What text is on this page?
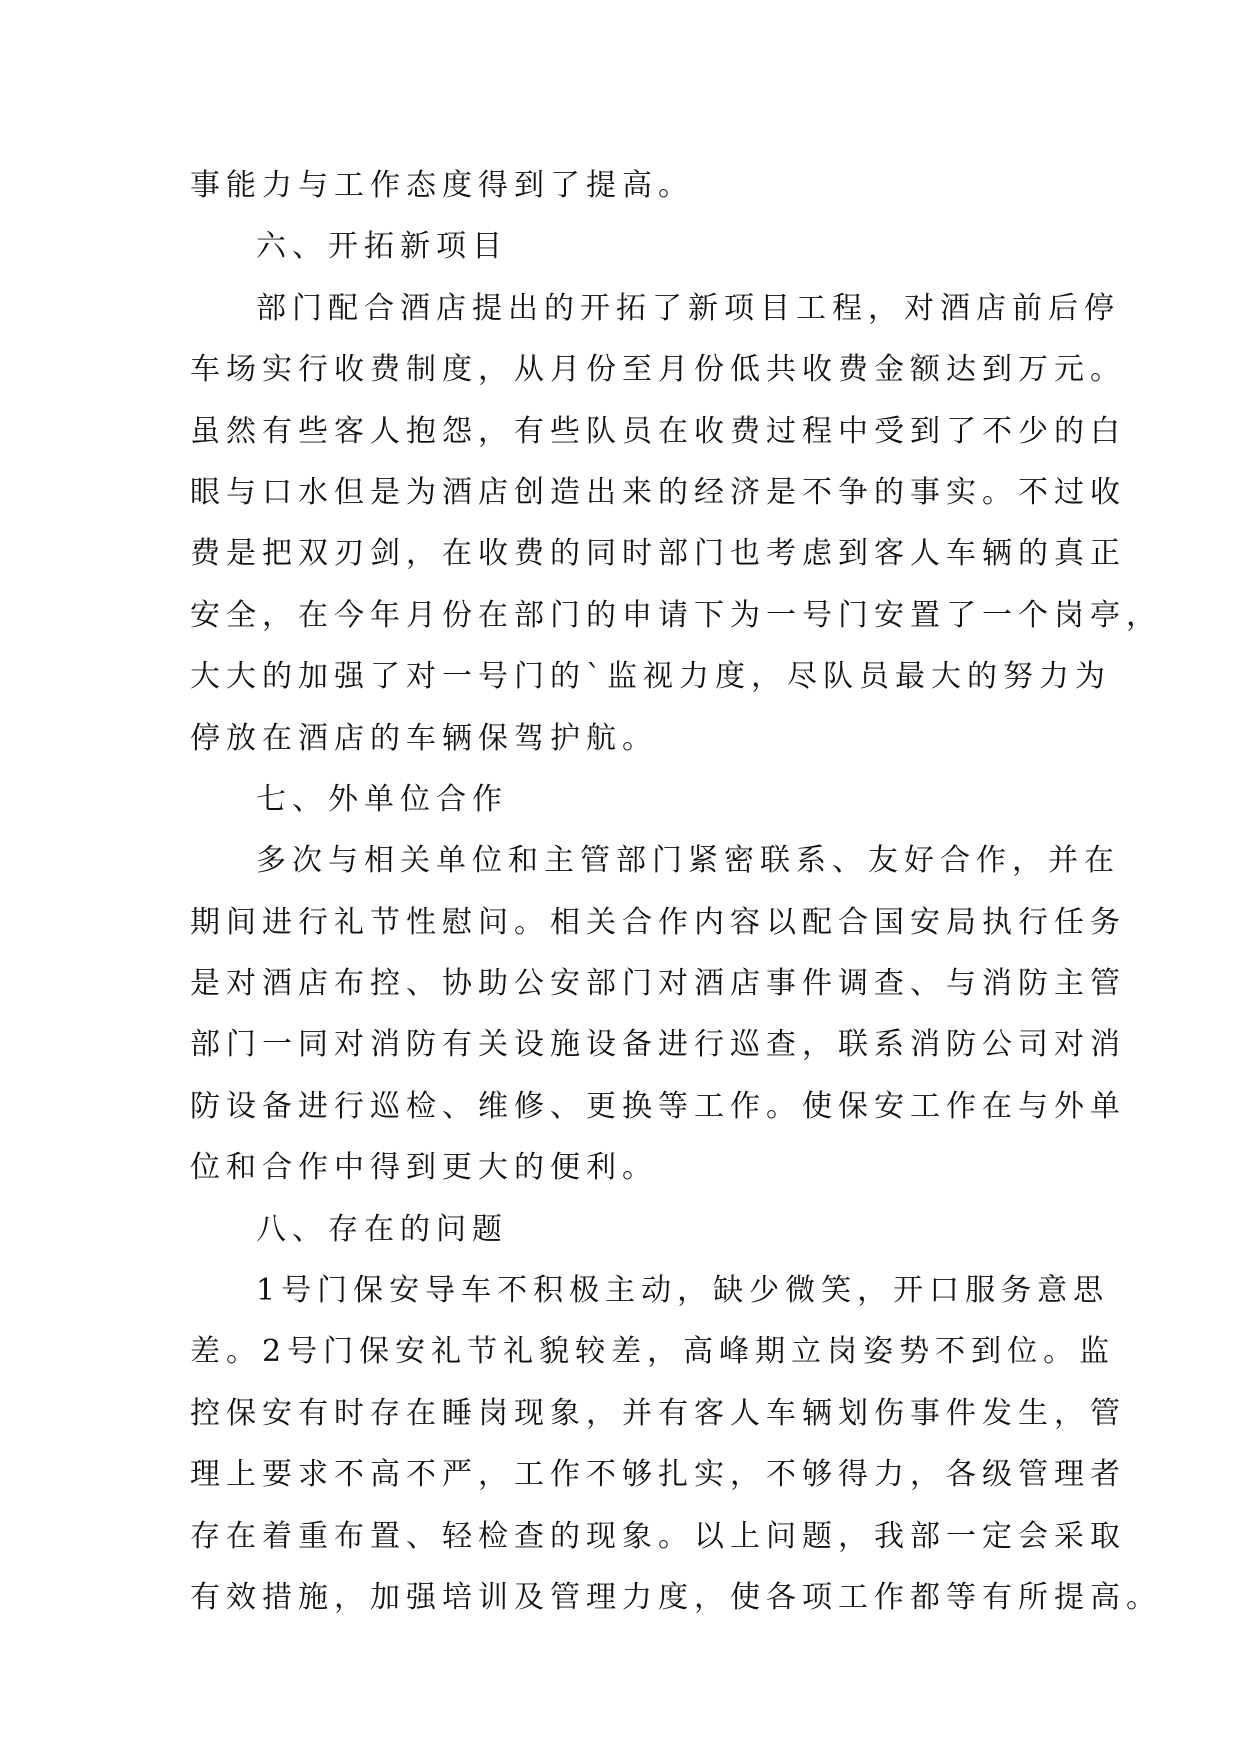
事能力与工作态度得到了提高。
六、开拓新项目
部门配合酒店提出的开拓了新项目工程，对酒店前后停
车场实行收费制度，从月份至月份低共收费金额达到万元。
虽然有些客人抱怨，有些队员在收费过程中受到了不少的白
眼与口水但是为酒店创造出来的经济是不争的事实。不过收
费是把双刃剑，在收费的同时部门也考虑到客人车辆的真正
安全，在今年月份在部门的申请下为一号门安置了一个岗亭，
大大的加强了对一号门的`监视力度，尽队员最大的努力为
停放在酒店的车辆保驾护航。
七、外单位合作
多次与相关单位和主管部门紧密联系、友好合作，并在
期间进行礼节性慰问。相关合作内容以配合国安局执行任务
是对酒店布控、协助公安部门对酒店事件调查、与消防主管
部门一同对消防有关设施设备进行巡查，联系消防公司对消
防设备进行巡检、维修、更换等工作。使保安工作在与外单
位和合作中得到更大的便利。
八、存在的问题
1号门保安导车不积极主动，缺少微笑，开口服务意思
差。2号门保安礼节礼貌较差，高峰期立岗姿势不到位。监
控保安有时存在睡岗现象，并有客人车辆划伤事件发生，管
理上要求不高不严，工作不够扎实，不够得力，各级管理者
存在着重布置、轻检查的现象。以上问题，我部一定会采取
有效措施，加强培训及管理力度，使各项工作都等有所提高。
